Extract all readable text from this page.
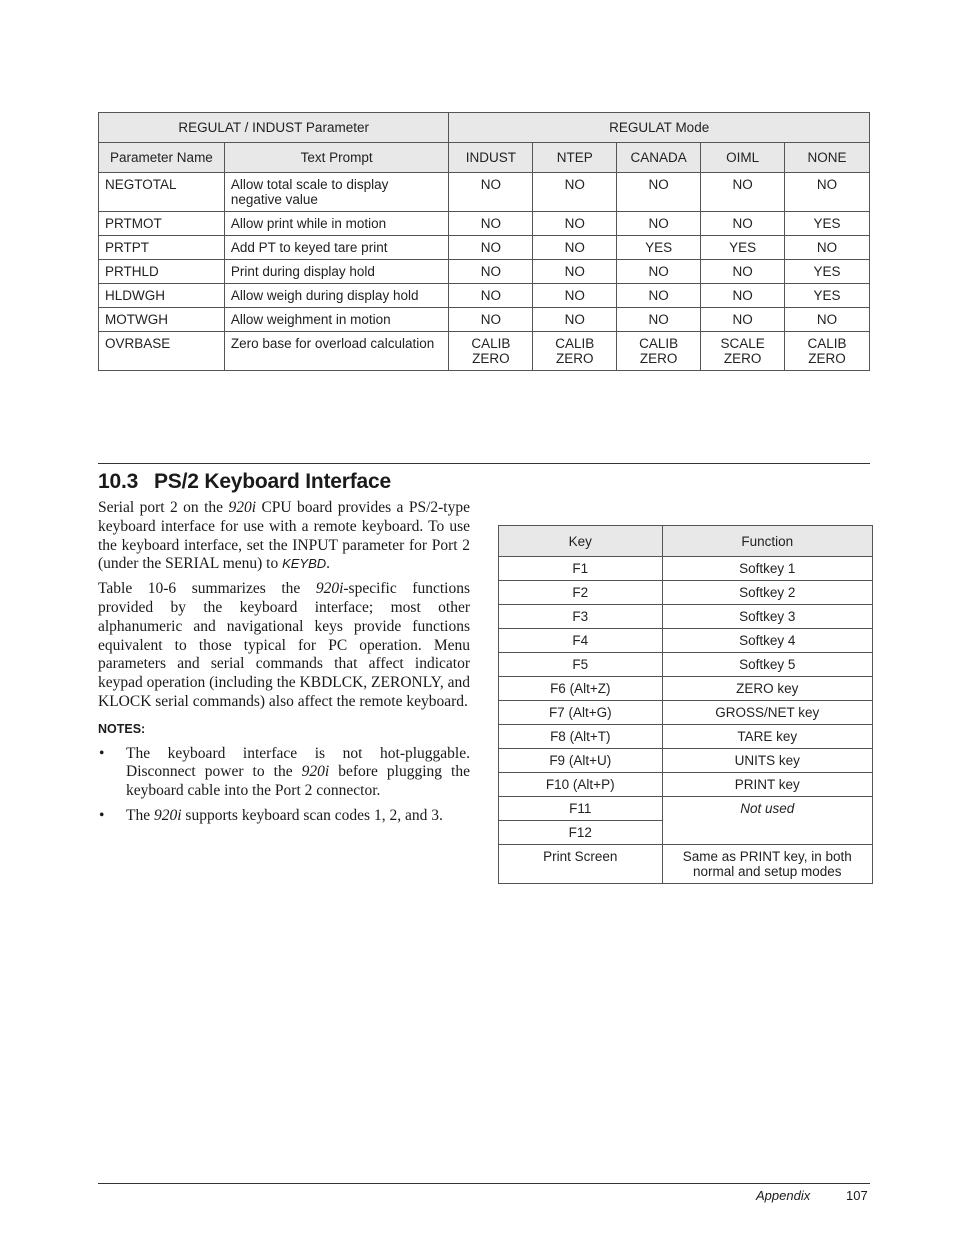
REGULAT / INDUST Parameter		REGULAT Mode				
Parameter Name	Text Prompt	INDUST	NTEP	CANADA	OIML	NONE
NEGTOTAL	Allow total scale to display negative value	NO	NO	NO	NO	NO
PRTMOT	Allow print while in motion	NO	NO	NO	NO	YES
PRTPT	Add PT to keyed tare print	NO	NO	YES	YES	NO
PRTHLD	Print during display hold	NO	NO	NO	NO	YES
HLDWGH	Allow weigh during display hold	NO	NO	NO	NO	YES
MOTWGH	Allow weighment in motion	NO	NO	NO	NO	NO
OVRBASE	Zero base for overload calculation	CALIB ZERO	CALIB ZERO	CALIB ZERO	SCALE ZERO	CALIB ZERO
10.3 PS/2 Keyboard Interface

Serial port 2 on the 920i CPU board provides a PS/2-type keyboard interface for use with a remote keyboard. To use the keyboard interface, set the INPUT parameter for Port 2 (under the SERIAL menu) to KEYBD.

Table 10-6 summarizes the 920i-specific functions provided by the keyboard interface; most other alphanumeric and navigational keys provide functions equivalent to those typical for PC operation. Menu parameters and serial commands that affect indicator keypad operation (including the KBDLCK, ZERONLY, and KLOCK serial commands) also affect the remote keyboard.

NOTES:
• The keyboard interface is not hot-pluggable. Disconnect power to the 920i before plugging the keyboard cable into the Port 2 connector.
• The 920i supports keyboard scan codes 1, 2, and 3.
Key	Function
F1	Softkey 1
F2	Softkey 2
F3	Softkey 3
F4	Softkey 4
F5	Softkey 5
F6 (Alt+Z)	ZERO key
F7 (Alt+G)	GROSS/NET key
F8 (Alt+T)	TARE key
F9 (Alt+U)	UNITS key
F10 (Alt+P)	PRINT key
F11	Not used
F12	
Print Screen	Same as PRINT key, in both normal and setup modes
Appendix	107
